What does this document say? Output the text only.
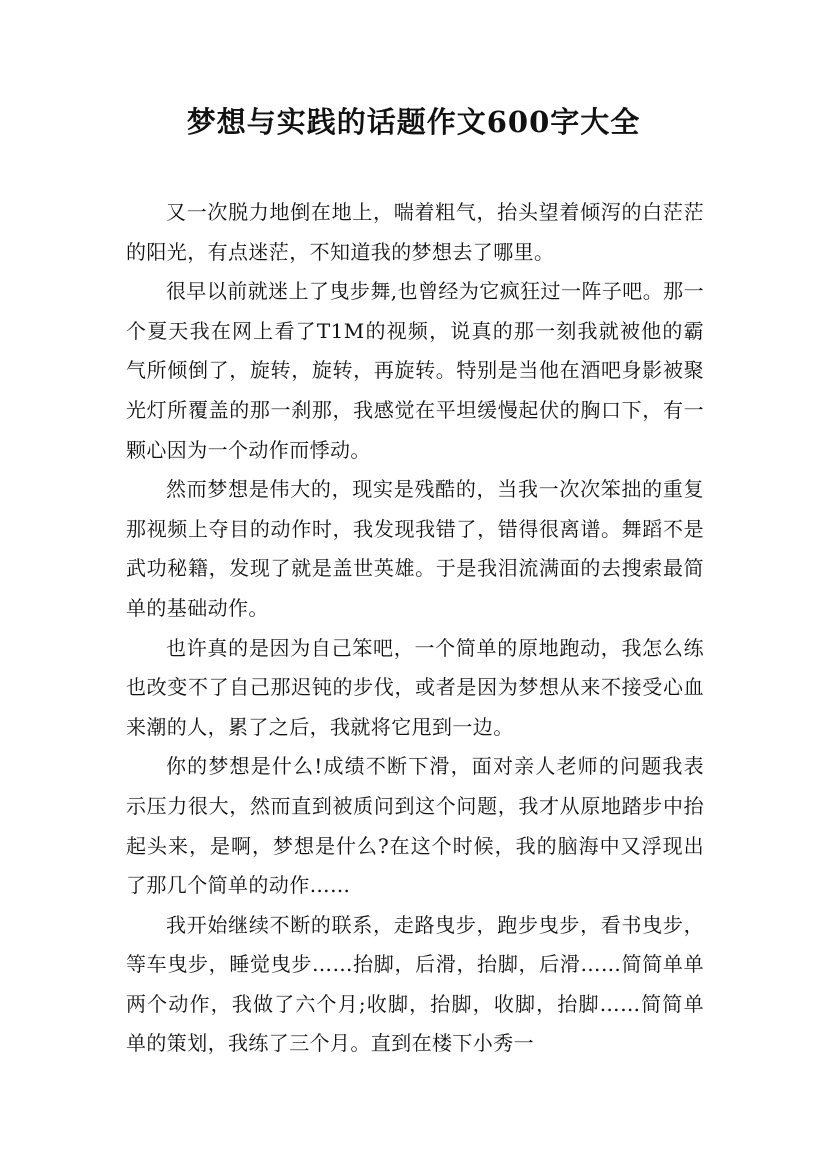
梦想与实践的话题作文600字大全

又一次脱力地倒在地上，喘着粗气，抬头望着倾泻的白茫茫的阳光，有点迷茫，不知道我的梦想去了哪里。

很早以前就迷上了曳步舞,也曾经为它疯狂过一阵子吧。那一个夏天我在网上看了T1M的视频，说真的那一刻我就被他的霸气所倾倒了，旋转，旋转，再旋转。特别是当他在酒吧身影被聚光灯所覆盖的那一刹那，我感觉在平坦缓慢起伏的胸口下，有一颗心因为一个动作而悸动。

然而梦想是伟大的，现实是残酷的，当我一次次笨拙的重复那视频上夺目的动作时，我发现我错了，错得很离谱。舞蹈不是武功秘籍，发现了就是盖世英雄。于是我泪流满面的去搜索最简单的基础动作。

也许真的是因为自己笨吧，一个简单的原地跑动，我怎么练也改变不了自己那迟钝的步伐，或者是因为梦想从来不接受心血来潮的人，累了之后，我就将它甩到一边。

你的梦想是什么!成绩不断下滑，面对亲人老师的问题我表示压力很大，然而直到被质问到这个问题，我才从原地踏步中抬起头来，是啊，梦想是什么?在这个时候，我的脑海中又浮现出了那几个简单的动作……

我开始继续不断的联系，走路曳步，跑步曳步，看书曳步，等车曳步，睡觉曳步……抬脚，后滑，抬脚，后滑……简简单单两个动作，我做了六个月;收脚，抬脚，收脚，抬脚……简简单单的策划，我练了三个月。直到在楼下小秀一
